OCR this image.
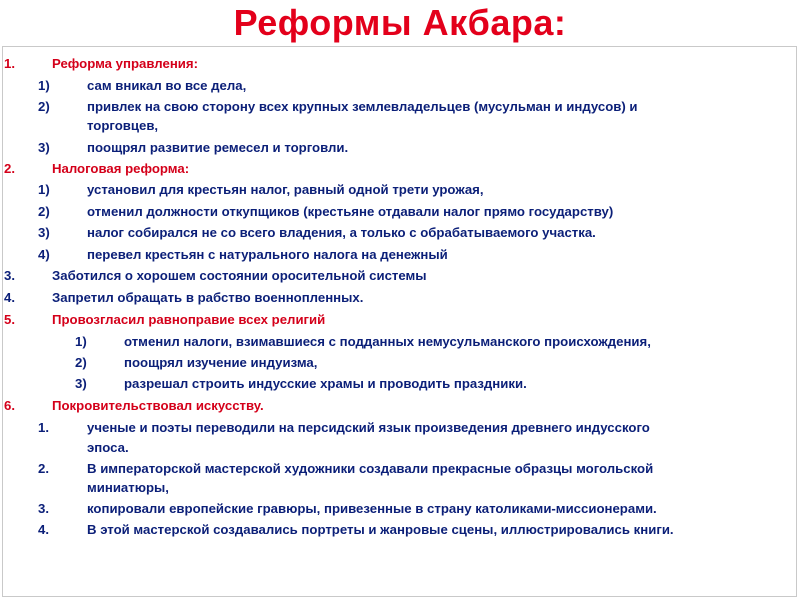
Реформы Акбара:
1.	Реформа управления:
1)	сам вникал во все дела,
2)	привлек на свою сторону всех крупных землевладельцев (мусульман и индусов) и
торговцев,
3)	поощрял развитие ремесел и торговли.
2.	Налоговая реформа:
1)	установил для крестьян налог, равный одной трети урожая,
2)	отменил должности откупщиков (крестьяне отдавали налог прямо государству)
3)	налог собирался не со всего владения, а только с обрабатываемого участка.
4)	перевел крестьян с натурального налога на денежный
3.	Заботился о хорошем состоянии оросительной системы
4.	Запретил обращать в рабство военнопленных.
5.	Провозгласил равноправие всех религий
1)	отменил налоги, взимавшиеся с подданных немусульманского происхождения,
2)	поощрял изучение индуизма,
3)	разрешал строить индусские храмы и проводить праздники.
6.	Покровительствовал искусству.
1.	ученые и поэты переводили на персидский язык произведения древнего индусского
эпоса.
2.	В императорской мастерской художники создавали прекрасные образцы могольской
миниатюры,
3.	копировали европейские гравюры, привезенные в страну католиками-миссионерами.
4.	В этой мастерской создавались портреты и жанровые сцены, иллюстрировались книги.
